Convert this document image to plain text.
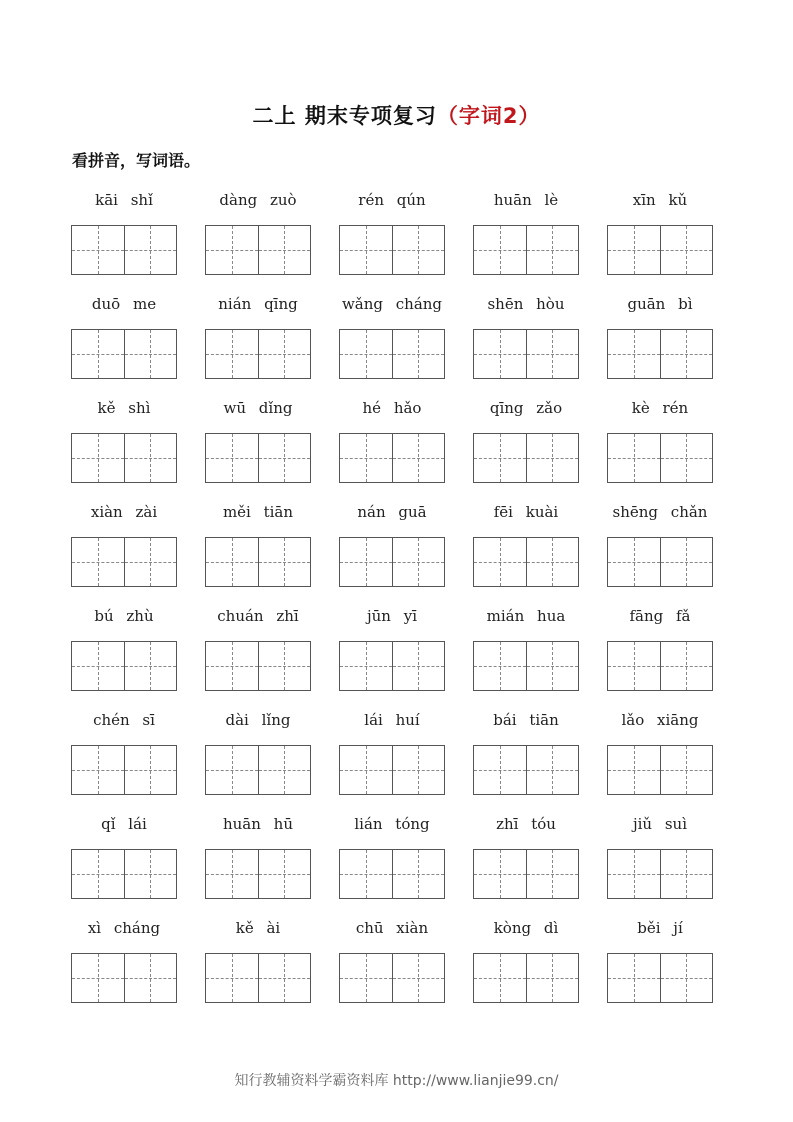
二上 期末专项复习（字词2）
看拼音，写词语。
kāi shǐ	dàng zuò	rén qún	huān lè	xīn kǔ
duō me	nián qīng	wǎng cháng	shēn hòu	guān bì
kě shì	wū dǐng	hé hǎo	qīng zǎo	kè rén
xiàn zài	měi tiān	nán guā	fēi kuài	shēng chǎn
bú zhù	chuán zhī	jūn yī	mián hua	fāng fǎ
chén sī	dài lǐng	lái huí	bái tiān	lǎo xiāng
qǐ lái	huān hū	lián tóng	zhī tóu	jiǔ suì
xì cháng	kě ài	chū xiàn	kòng dì	běi jí
知行教辅资料学霸资料库 http://www.lianjie99.cn/
